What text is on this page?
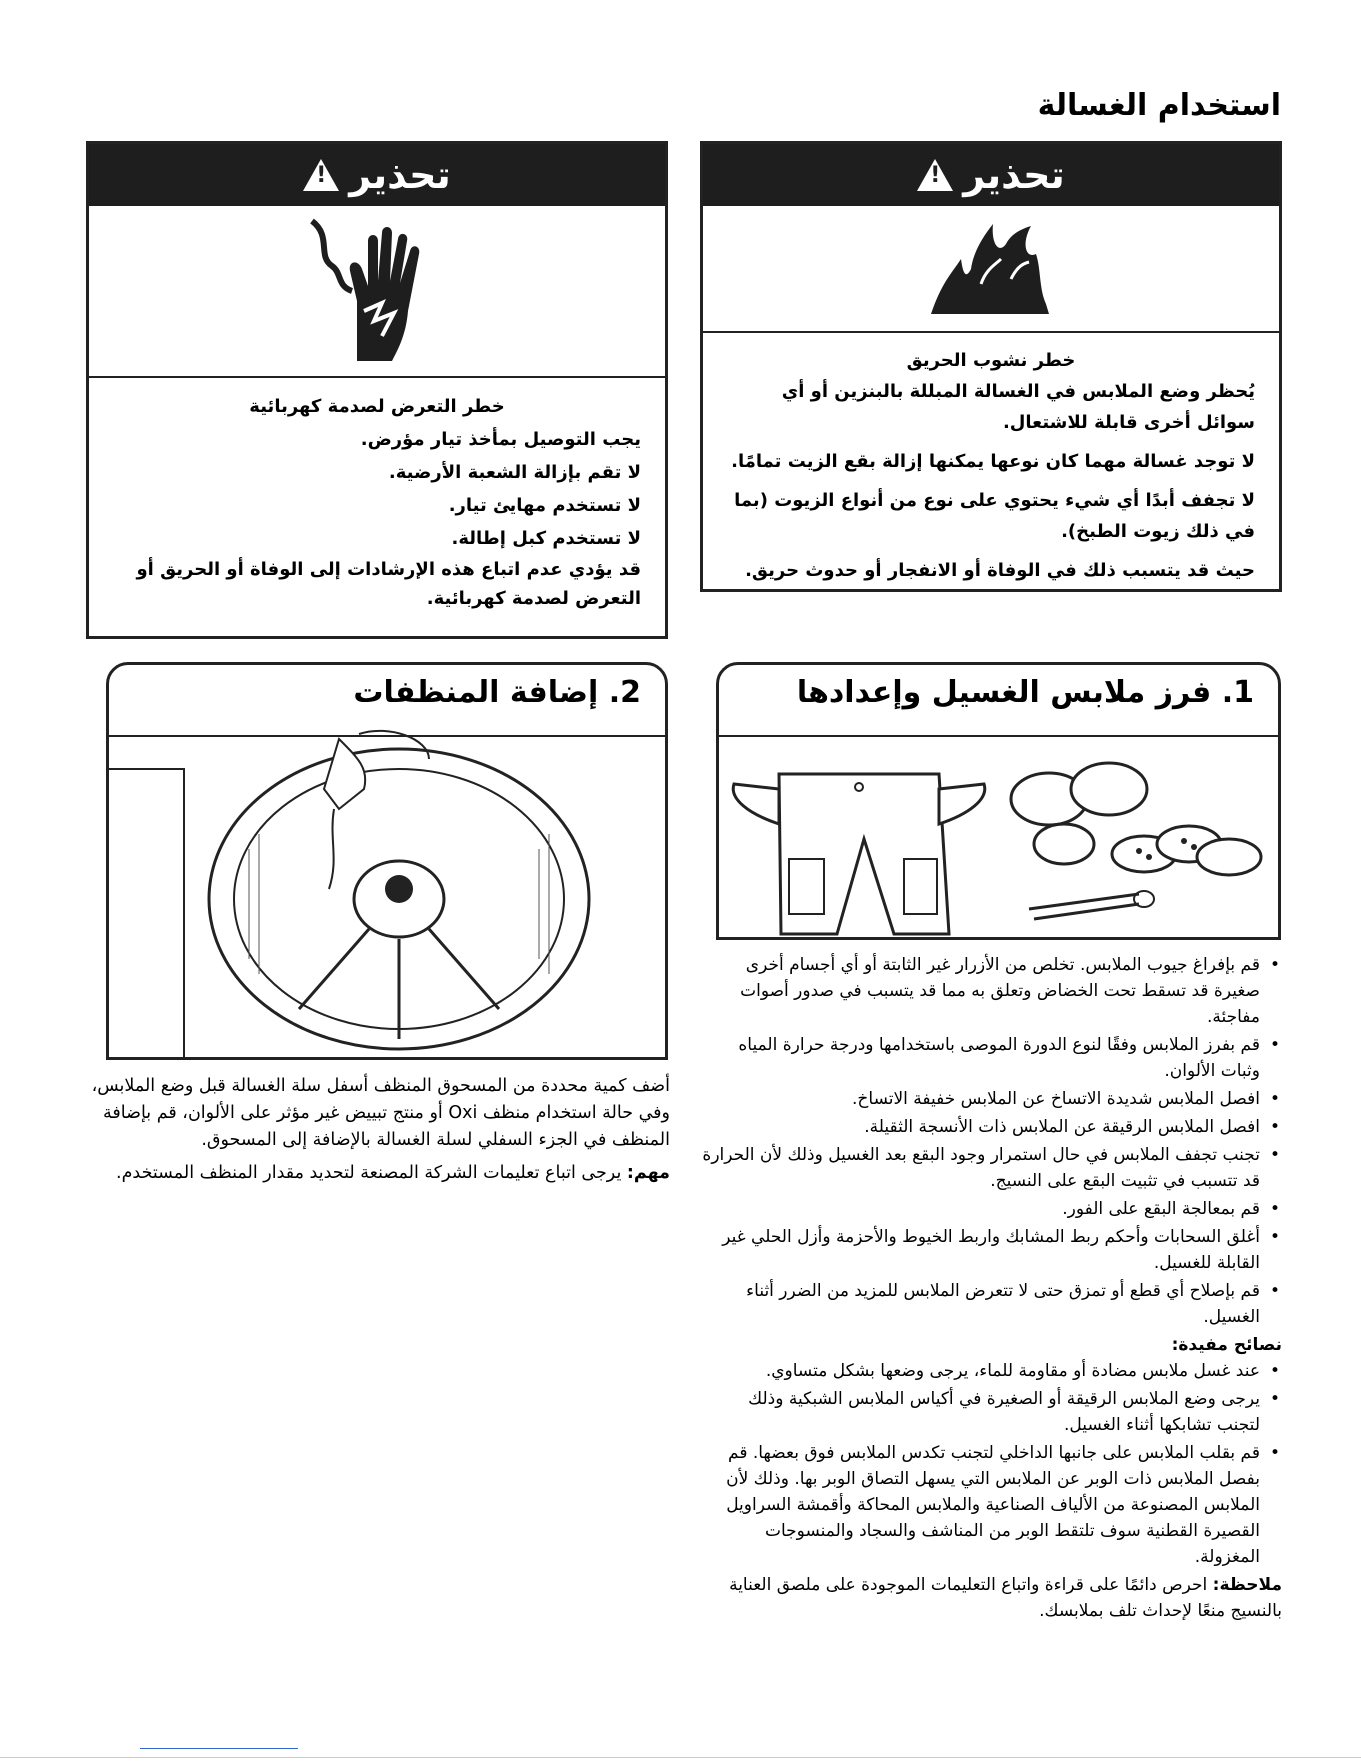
استخدام الغسالة
تحذير
!
خطر نشوب الحريق
يُحظر وضع الملابس في الغسالة المبللة بالبنزين أو أي سوائل أخرى قابلة للاشتعال.
لا توجد غسالة مهما كان نوعها يمكنها إزالة بقع الزيت تمامًا.
لا تجفف أبدًا أي شيء يحتوي على نوع من أنواع الزيوت (بما في ذلك زيوت الطبخ).
حيث قد يتسبب ذلك في الوفاة أو الانفجار أو حدوث حريق.
تحذير
!
خطر التعرض لصدمة كهربائية
يجب التوصيل بمأخذ تيار مؤرض.
لا تقم بإزالة الشعبة الأرضية.
لا تستخدم مهايئ تيار.
لا تستخدم كبل إطالة.
قد يؤدي عدم اتباع هذه الإرشادات إلى الوفاة أو الحريق أو التعرض لصدمة كهربائية.
1. فرز ملابس الغسيل وإعدادها
2. إضافة المنظفات
أضف كمية محددة من المسحوق المنظف أسفل سلة الغسالة قبل وضع الملابس، وفي حالة استخدام منظف Oxi أو منتج تبييض غير مؤثر على الألوان، قم بإضافة المنظف في الجزء السفلي لسلة الغسالة بالإضافة إلى المسحوق.
مهم: يرجى اتباع تعليمات الشركة المصنعة لتحديد مقدار المنظف المستخدم.
• قم بإفراغ جيوب الملابس. تخلص من الأزرار غير الثابتة أو أي أجسام أخرى صغيرة قد تسقط تحت الخضاض وتعلق به مما قد يتسبب في صدور أصوات مفاجئة.
• قم بفرز الملابس وفقًا لنوع الدورة الموصى باستخدامها ودرجة حرارة المياه وثبات الألوان.
• افصل الملابس شديدة الاتساخ عن الملابس خفيفة الاتساخ.
• افصل الملابس الرقيقة عن الملابس ذات الأنسجة الثقيلة.
• تجنب تجفف الملابس في حال استمرار وجود البقع بعد الغسيل وذلك لأن الحرارة قد تتسبب في تثبيت البقع على النسيج.
• قم بمعالجة البقع على الفور.
• أغلق السحابات وأحكم ربط المشابك واربط الخيوط والأحزمة وأزل الحلي غير القابلة للغسيل.
• قم بإصلاح أي قطع أو تمزق حتى لا تتعرض الملابس للمزيد من الضرر أثناء الغسيل.
نصائح مفيدة:
• عند غسل ملابس مضادة أو مقاومة للماء، يرجى وضعها بشكل متساوي.
• يرجى وضع الملابس الرقيقة أو الصغيرة في أكياس الملابس الشبكية وذلك لتجنب تشابكها أثناء الغسيل.
• قم بقلب الملابس على جانبها الداخلي لتجنب تكدس الملابس فوق بعضها. قم بفصل الملابس ذات الوبر عن الملابس التي يسهل التصاق الوبر بها. وذلك لأن الملابس المصنوعة من الألياف الصناعية والملابس المحاكة وأقمشة السراويل القصيرة القطنية سوف تلتقط الوبر من المناشف والسجاد والمنسوجات المغزولة.
ملاحظة: احرص دائمًا على قراءة واتباع التعليمات الموجودة على ملصق العناية بالنسيج منعًا لإحداث تلف بملابسك.
